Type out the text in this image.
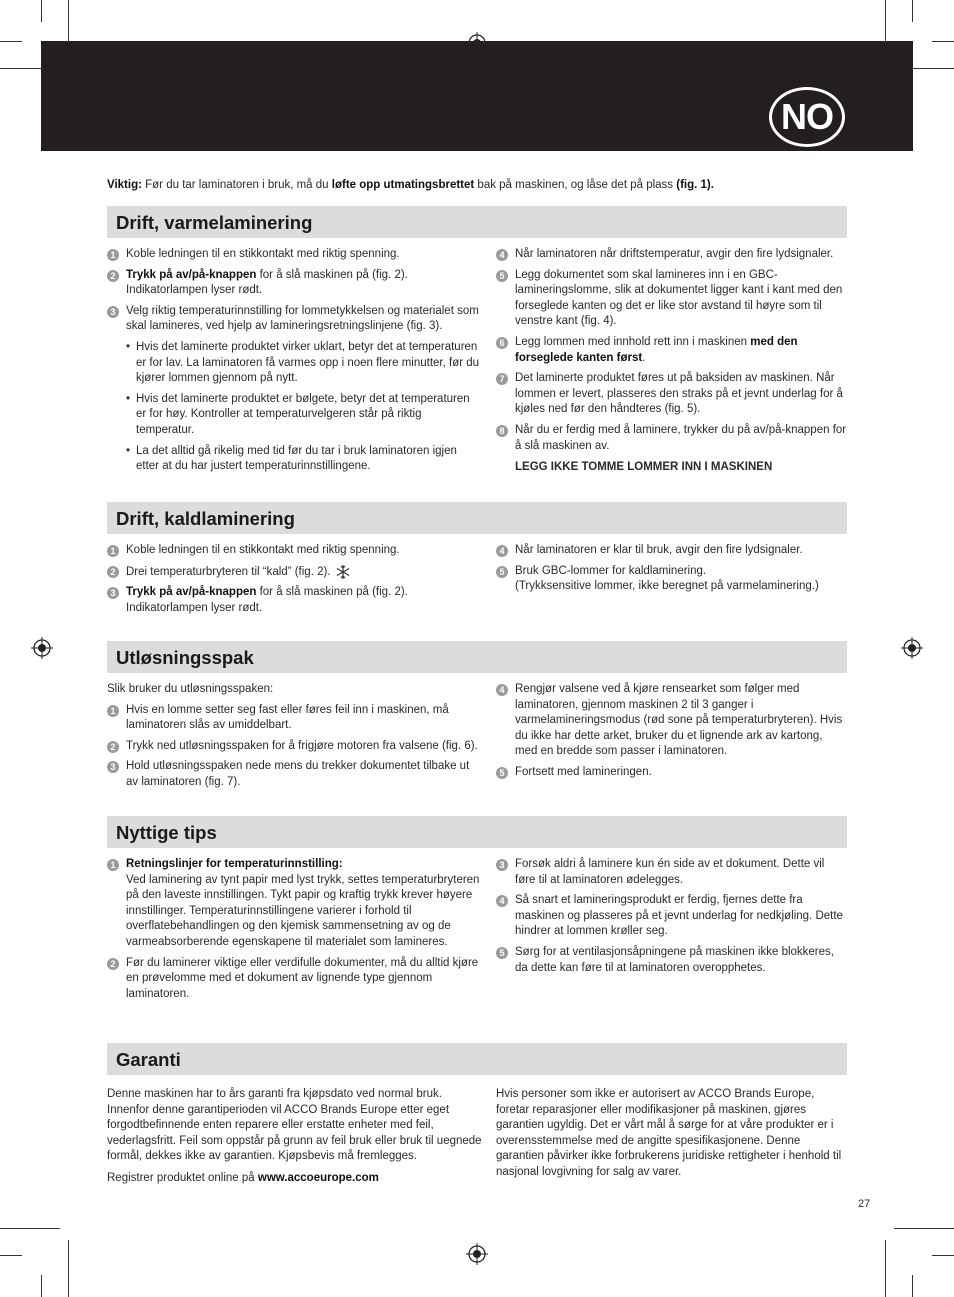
NO
Viktig: Før du tar laminatoren i bruk, må du løfte opp utmatingsbrettet bak på maskinen, og låse det på plass (fig. 1).
Drift, varmelaminering
1 Koble ledningen til en stikkontakt med riktig spenning.
2 Trykk på av/på-knappen for å slå maskinen på (fig. 2).
Indikatorlampen lyser rødt.
3 Velg riktig temperaturinnstilling for lommetykkelsen og materialet som skal lamineres, ved hjelp av lamineringsretningslinjene (fig. 3).
• Hvis det laminerte produktet virker uklart, betyr det at temperaturen er for lav. La laminatoren få varmes opp i noen flere minutter, før du kjører lommen gjennom på nytt.
• Hvis det laminerte produktet er bølgete, betyr det at temperaturen er for høy. Kontroller at temperaturvelgeren står på riktig temperatur.
• La det alltid gå rikelig med tid før du tar i bruk laminatoren igjen etter at du har justert temperaturinnstillingene.
4 Når laminatoren når driftstemperatur, avgir den fire lydsignaler.
5 Legg dokumentet som skal lamineres inn i en GBC-lamineringslomme, slik at dokumentet ligger kant i kant med den forseglede kanten og det er like stor avstand til høyre som til venstre kant (fig. 4).
6 Legg lommen med innhold rett inn i maskinen med den forseglede kanten først.
7 Det laminerte produktet føres ut på baksiden av maskinen. Når lommen er levert, plasseres den straks på et jevnt underlag for å kjøles ned før den håndteres (fig. 5).
8 Når du er ferdig med å laminere, trykker du på av/på-knappen for å slå maskinen av.
LEGG IKKE TOMME LOMMER INN I MASKINEN
Drift, kaldlaminering
1 Koble ledningen til en stikkontakt med riktig spenning.
2 Drei temperaturbryteren til “kald” (fig. 2).
3 Trykk på av/på-knappen for å slå maskinen på (fig. 2).
Indikatorlampen lyser rødt.
4 Når laminatoren er klar til bruk, avgir den fire lydsignaler.
5 Bruk GBC-lommer for kaldlaminering.
(Trykksensitive lommer, ikke beregnet på varmelaminering.)
Utløsningsspak
Slik bruker du utløsningsspaken:
1 Hvis en lomme setter seg fast eller føres feil inn i maskinen, må laminatoren slås av umiddelbart.
2 Trykk ned utløsningsspaken for å frigjøre motoren fra valsene (fig. 6).
3 Hold utløsningsspaken nede mens du trekker dokumentet tilbake ut av laminatoren (fig. 7).
4 Rengjør valsene ved å kjøre rensearket som følger med laminatoren, gjennom maskinen 2 til 3 ganger i varmelamineringsmodus (rød sone på temperaturbryteren). Hvis du ikke har dette arket, bruker du et lignende ark av kartong, med en bredde som passer i laminatoren.
5 Fortsett med lamineringen.
Nyttige tips
1 Retningslinjer for temperaturinnstilling:
Ved laminering av tynt papir med lyst trykk, settes temperaturbryteren på den laveste innstillingen. Tykt papir og kraftig trykk krever høyere innstillinger. Temperaturinnstillingene varierer i forhold til overflatebehandlingen og den kjemisk sammensetning av og de varmeabsorberende egenskapene til materialet som lamineres.
2 Før du laminerer viktige eller verdifulle dokumenter, må du alltid kjøre en prøvelomme med et dokument av lignende type gjennom laminatoren.
3 Forsøk aldri å laminere kun én side av et dokument. Dette vil føre til at laminatoren ødelegges.
4 Så snart et lamineringsprodukt er ferdig, fjernes dette fra maskinen og plasseres på et jevnt underlag for nedkjøling. Dette hindrer at lommen krøller seg.
5 Sørg for at ventilasjonsåpningene på maskinen ikke blokkeres, da dette kan føre til at laminatoren overopphetes.
Garanti
Denne maskinen har to års garanti fra kjøpsdato ved normal bruk. Innenfor denne garantiperioden vil ACCO Brands Europe etter eget forgodtbefinnende enten reparere eller erstatte enheter med feil, vederlagsfritt. Feil som oppstår på grunn av feil bruk eller bruk til uegnede formål, dekkes ikke av garantien. Kjøpsbevis må fremlegges.
Registrer produktet online på www.accoeurope.com
Hvis personer som ikke er autorisert av ACCO Brands Europe, foretar reparasjoner eller modifikasjoner på maskinen, gjøres garantien ugyldig. Det er vårt mål å sørge for at våre produkter er i overensstemmelse med de angitte spesifikasjonene. Denne garantien påvirker ikke forbrukerens juridiske rettigheter i henhold til nasjonal lovgivning for salg av varer.
27
